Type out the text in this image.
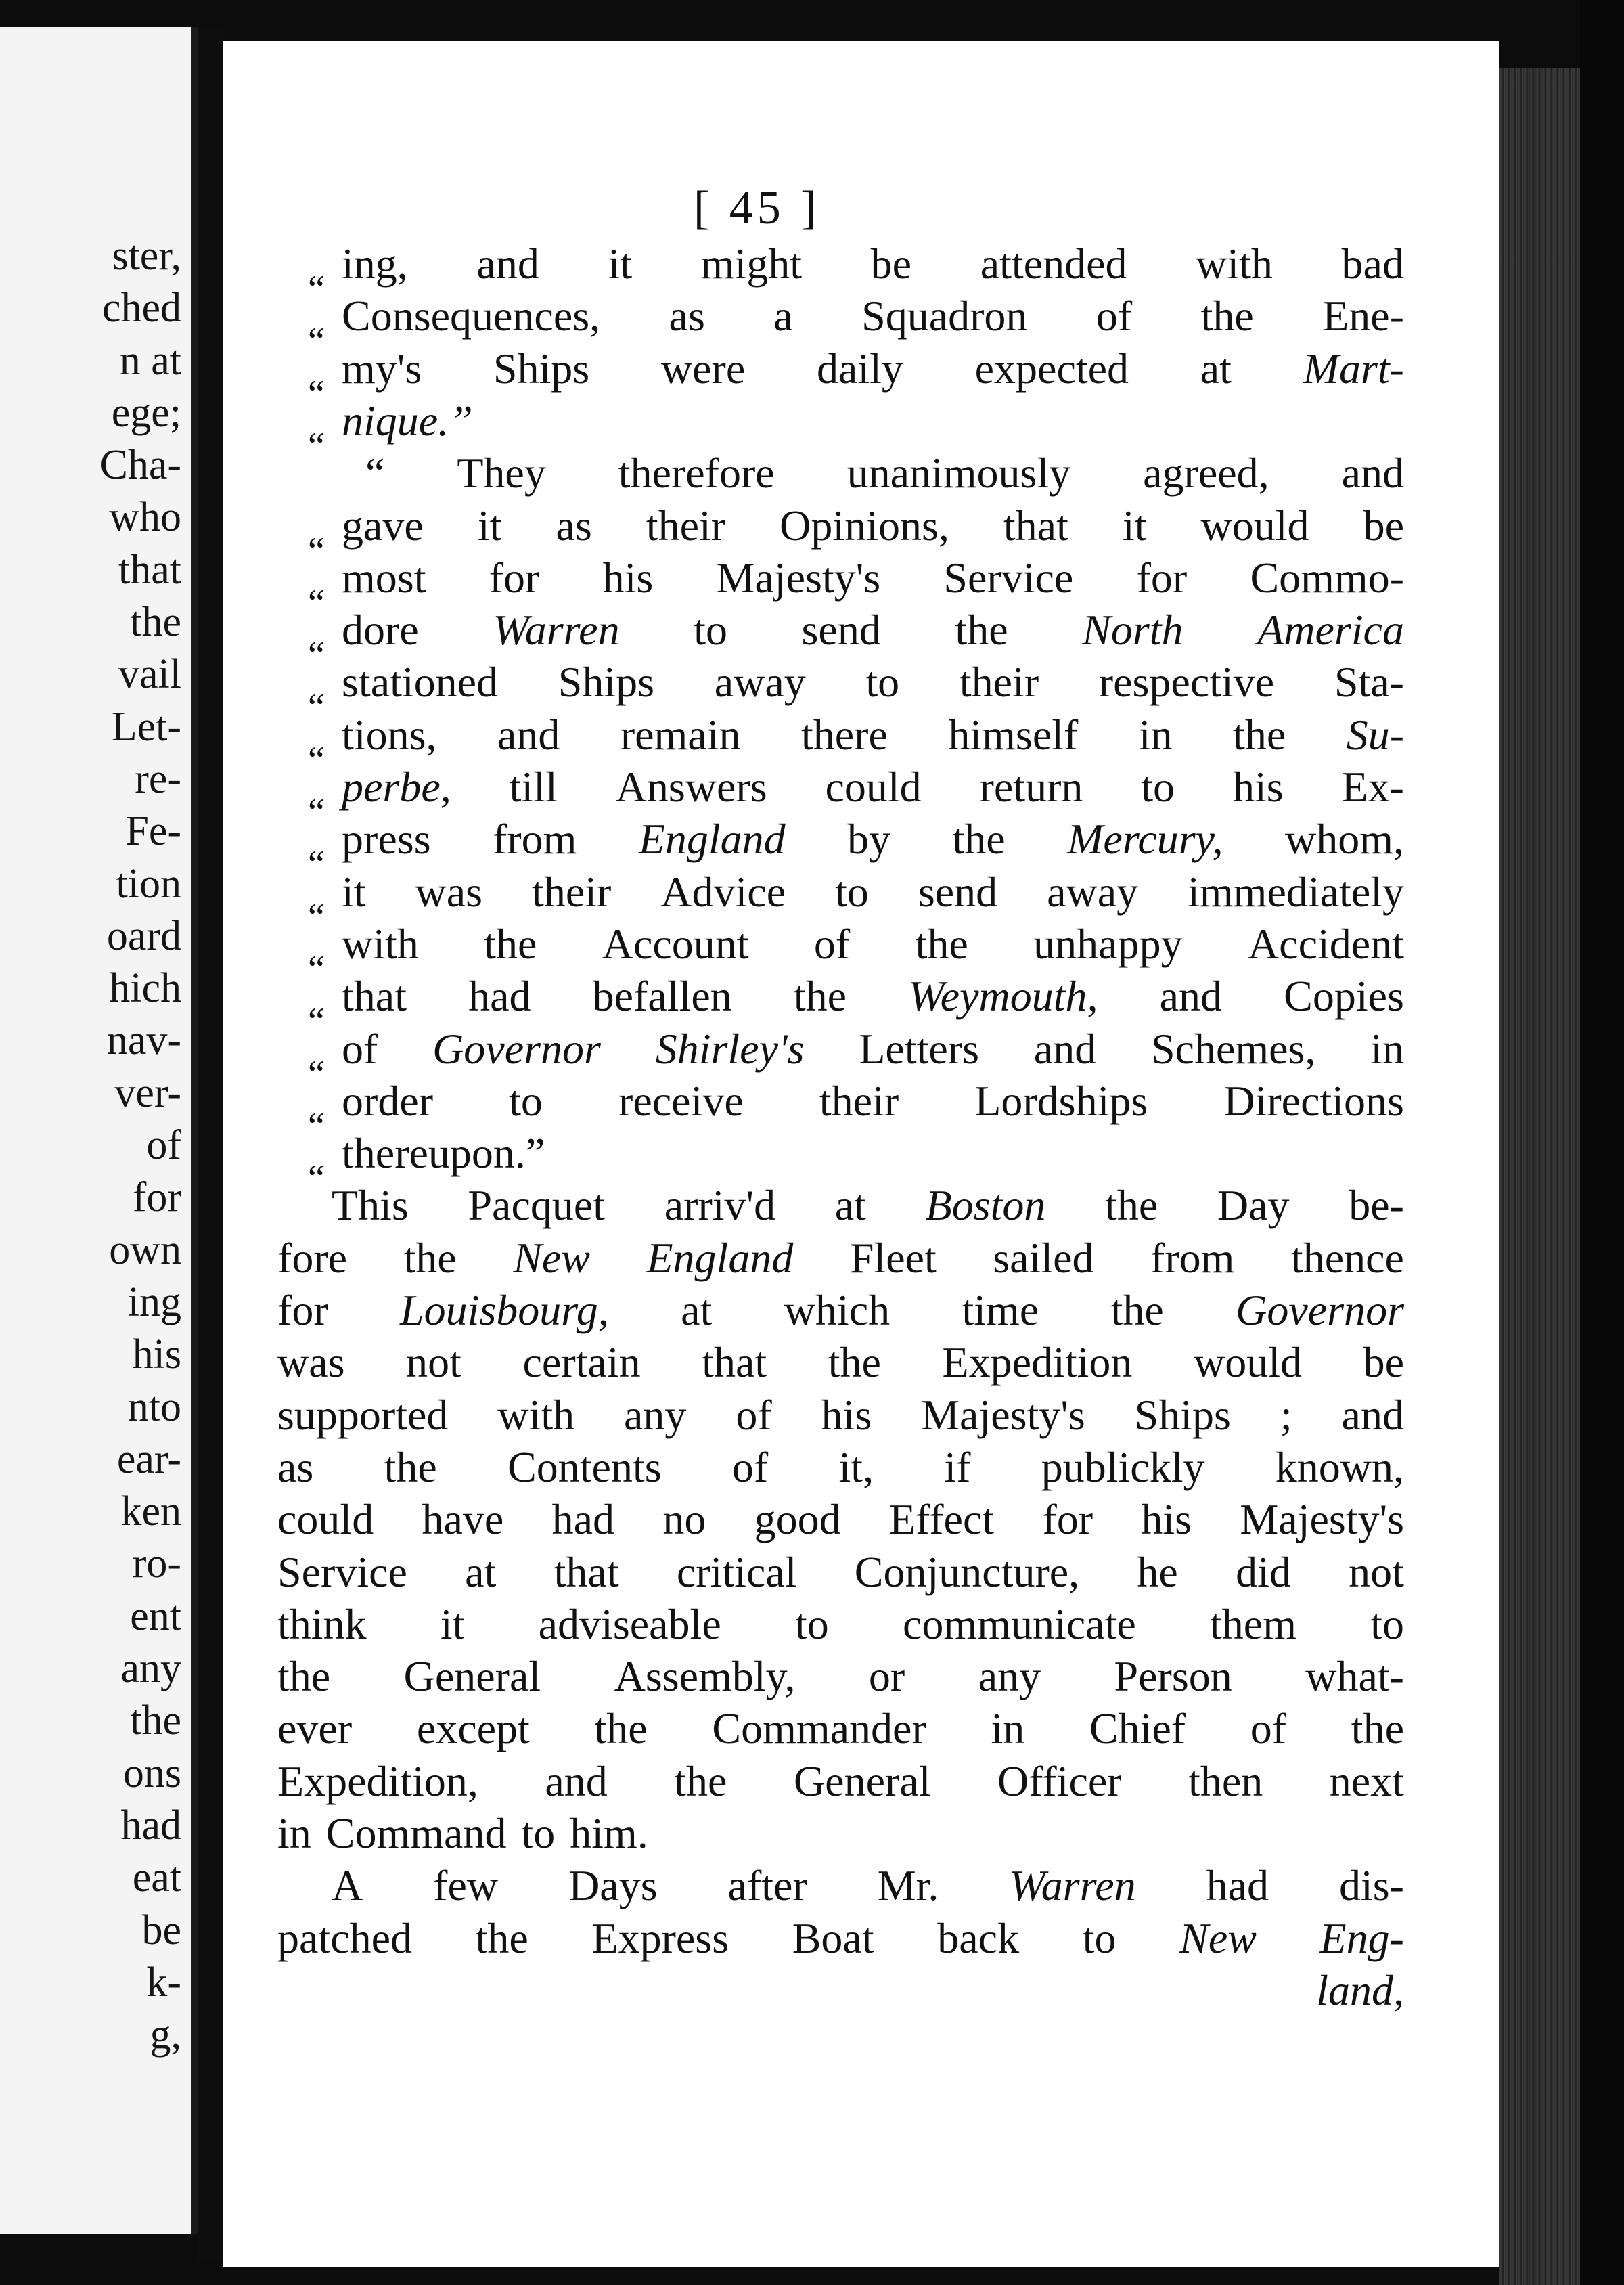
ster,
ched
n at
ege;
Cha-
who
that
the
vail
Let-
re-
Fe-
tion
oard
hich
nav-
ver-
of
for
own
ing
his
nto
ear-
ken
ro-
ent
any
the
ons
had
eat
be
k-
g,
“
ing, and it might be attended with bad
“
Consequences, as a Squadron of the Ene-
“
my's Ships were daily expected at Mart-
“
nique.”
“ They therefore unanimously agreed, and
“
gave it as their Opinions, that it would be
“
most for his Majesty's Service for Commo-
“
dore Warren to send the North America
“
stationed Ships away to their respective Sta-
“
tions, and remain there himself in the Su-
“
perbe, till Answers could return to his Ex-
“
press from England by the Mercury, whom,
“
it was their Advice to send away immediately
“
with the Account of the unhappy Accident
“
that had befallen the Weymouth, and Copies
“
of Governor Shirley's Letters and Schemes, in
“
order to receive their Lordships Directions
“
thereupon.”
This Pacquet arriv'd at Boston the Day be-
fore the New England Fleet sailed from thence
for Louisbourg, at which time the Governor
was not certain that the Expedition would be
supported with any of his Majesty's Ships ; and
as the Contents of it, if publickly known,
could have had no good Effect for his Majesty's
Service at that critical Conjuncture, he did not
think it adviseable to communicate them to
the General Assembly, or any Person what-
ever except the Commander in Chief of the
Expedition, and the General Officer then next
in Command to him.
A few Days after Mr. Warren had dis-
patched the Express Boat back to New Eng-
land,
[ 45 ]
